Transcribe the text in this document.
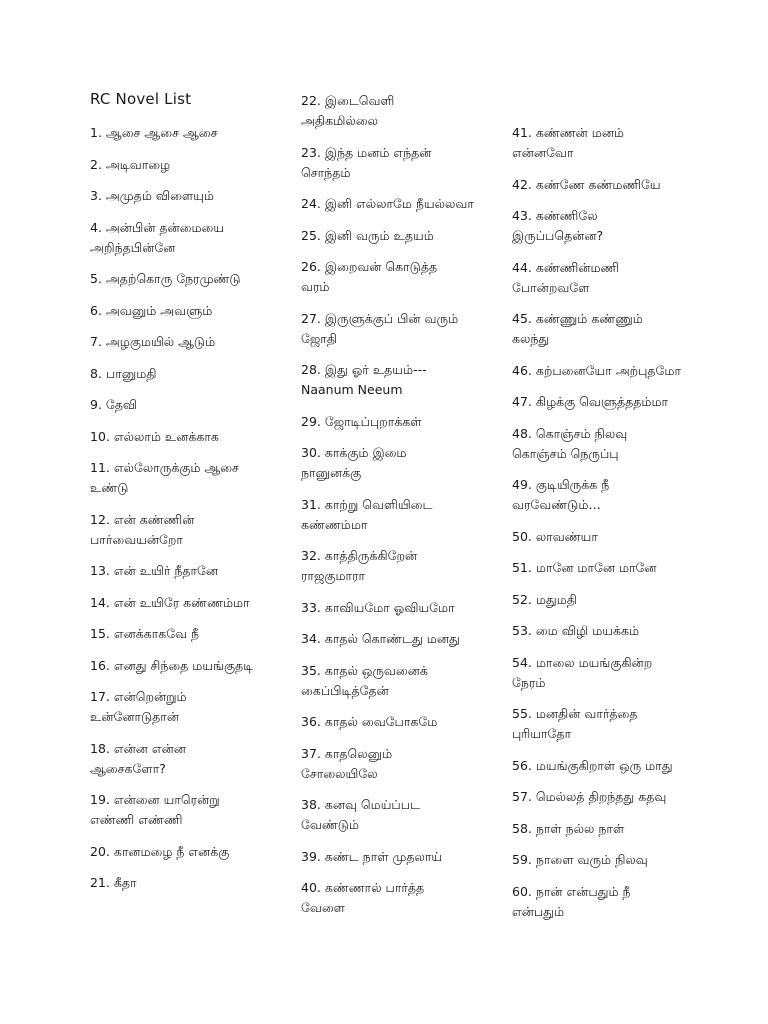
RC Novel List
1. ஆசை ஆசை ஆசை
2. அடிவாழை
3. அமுதம் விளையும்
4. அன்பின் தன்மையை
அறிந்தபின்னே
5. அதற்கொரு நேரமுண்டு
6. அவனும் அவளும்
7. அழகுமயில் ஆடும்
8. பானுமதி
9. தேவி
10. எல்லாம் உனக்காக
11. எல்லோருக்கும் ஆசை
உண்டு
12. என் கண்ணின்
பார்வையன்றோ
13. என் உயிர் நீதானே
14. என் உயிரே கண்ணம்மா
15. எனக்காகவே நீ
16. எனது சிந்தை மயங்குதடி
17. என்றென்றும்
உன்னோடுதான்
18. என்ன என்ன
ஆசைகளோ?
19. என்னை யாரென்று
எண்ணி எண்ணி
20. கானமழை நீ எனக்கு
21. கீதா
22. இடைவெளி
அதிகமில்லை
23. இந்த மனம் எந்தன்
சொந்தம்
24. இனி எல்லாமே நீயல்லவா
25. இனி வரும் உதயம்
26. இறைவன் கொடுத்த
வரம்
27. இருளுக்குப் பின் வரும்
ஜோதி
28. இது ஓர் உதயம்---
Naanum Neeum
29. ஜோடிப்புறாக்கள்
30. காக்கும் இமை
நானுனக்கு
31. காற்று வெளியிடை
கண்ணம்மா
32. காத்திருக்கிறேன்
ராஜகுமாரா
33. காவியமோ ஓவியமோ
34. காதல் கொண்டது மனது
35. காதல் ஒருவனைக்
கைப்பிடித்தேன்
36. காதல் வைபோகமே
37. காதலெனும்
சோலையிலே
38. கனவு மெய்ப்பட
வேண்டும்
39. கண்ட நாள் முதலாய்
40. கண்ணால் பார்த்த
வேளை
41. கண்ணன் மனம்
என்னவோ
42. கண்ணே கண்மணியே
43. கண்ணிலே
இருப்பதென்ன?
44. கண்ணின்மணி
போன்றவளே
45. கண்ணும் கண்ணும்
கலந்து
46. கற்பனையோ அற்புதமோ
47. கிழக்கு வெளுத்ததம்மா
48. கொஞ்சம் நிலவு
கொஞ்சம் நெருப்பு
49. குடியிருக்க நீ
வரவேண்டும்…
50. லாவண்யா
51. மானே மானே மானே
52. மதுமதி
53. மை விழி மயக்கம்
54. மாலை மயங்குகின்ற
நேரம்
55. மனதின் வார்த்தை
புரியாதோ
56. மயங்குகிறாள் ஒரு மாது
57. மெல்லத் திறந்தது கதவு
58. நாள் நல்ல நாள்
59. நாளை வரும் நிலவு
60. நான் என்பதும் நீ
என்பதும்
